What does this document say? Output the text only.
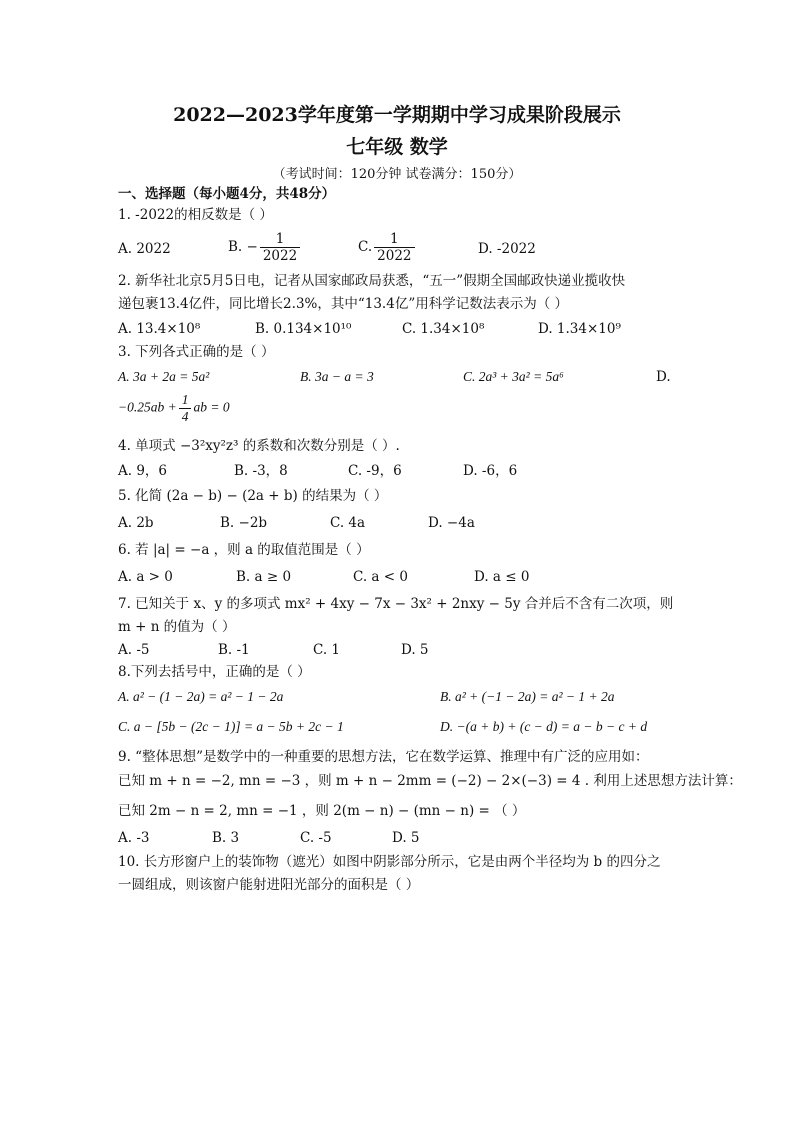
2022—2023学年度第一学期期中学习成果阶段展示
七年级 数学
（考试时间：120分钟 试卷满分：150分）
一、选择题（每小题4分，共48分）
1. -2022的相反数是（ ）
A. 2022	B. − $\frac{1}{2022}$	C. $\frac{1}{2022}$	D. -2022
2. 新华社北京5月5日电，记者从国家邮政局获悉，“五一”假期全国邮政快递业揽收快
递包裹13.4亿件，同比增长2.3%，其中“13.4亿”用科学记数法表示为（ ）
A. 13.4×10⁸	B. 0.134×10¹⁰	C. 1.34×10⁸	D. 1.34×10⁹
3. 下列各式正确的是（ ）
A. 3a + 2a = 5a²	B. 3a − a = 3	C. 2a³ + 3a² = 5a⁶	D.
$-0.25ab + \frac{1}{4}$ ab = 0
4. 单项式 −3²xy²z³ 的系数和次数分别是（ ）.
A. 9，6	B. -3，8	C. -9，6	D. -6，6
5. 化简 (2a − b) − (2a + b) 的结果为（ ）
A. 2b	B. −2b	C. 4a	D. −4a
6. 若 |a| = −a ，则 a 的取值范围是（ ）
A. a > 0	B. a ≥ 0	C. a < 0	D. a ≤ 0
7. 已知关于 x、y 的多项式 mx² + 4xy − 7x − 3x² + 2nxy − 5y 合并后不含有二次项，则
m + n 的值为（ ）
A. -5	B. -1	C. 1	D. 5
8.下列去括号中，正确的是（ ）
A. a² − (1 − 2a) = a² − 1 − 2a	B. a² + (−1 − 2a) = a² − 1 + 2a
C. a − [5b − (2c − 1)] = a − 5b + 2c − 1	D. −(a + b) + (c − d) = a − b − c + d
9. “整体思想”是数学中的一种重要的思想方法，它在数学运算、推理中有广泛的应用如：
已知 m + n = −2, mn = −3 ，则 m + n − 2mm = (−2) − 2×(−3) = 4 . 利用上述思想方法计算：
已知 2m − n = 2, mn = −1 ，则 2(m − n) − (mn − n) = （ ）
A. -3	B. 3	C. -5	D. 5
10. 长方形窗户上的装饰物（遮光）如图中阴影部分所示，它是由两个半径均为 b 的四分之
一圆组成，则该窗户能射进阳光部分的面积是（ ）
